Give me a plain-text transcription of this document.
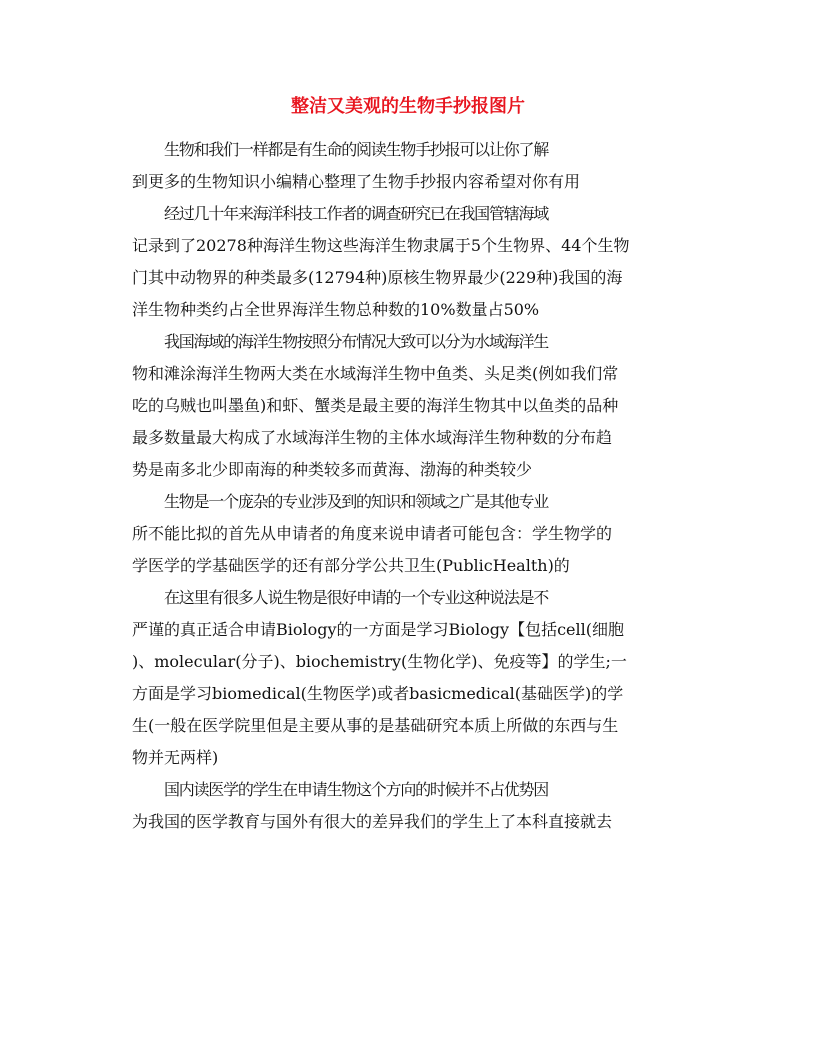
整洁又美观的生物手抄报图片

生物和我们一样都是有生命的阅读生物手抄报可以让你了解
到更多的生物知识小编精心整理了生物手抄报内容希望对你有用

经过几十年来海洋科技工作者的调查研究已在我国管辖海域
记录到了20278种海洋生物这些海洋生物隶属于5个生物界、44个生物
门其中动物界的种类最多(12794种)原核生物界最少(229种)我国的海
洋生物种类约占全世界海洋生物总种数的10%数量占50%

我国海域的海洋生物按照分布情况大致可以分为水域海洋生
物和滩涂海洋生物两大类在水域海洋生物中鱼类、头足类(例如我们常
吃的乌贼也叫墨鱼)和虾、蟹类是最主要的海洋生物其中以鱼类的品种
最多数量最大构成了水域海洋生物的主体水域海洋生物种数的分布趋
势是南多北少即南海的种类较多而黄海、渤海的种类较少

生物是一个庞杂的专业涉及到的知识和领域之广是其他专业
所不能比拟的首先从申请者的角度来说申请者可能包含：学生物学的
学医学的学基础医学的还有部分学公共卫生(PublicHealth)的

在这里有很多人说生物是很好申请的一个专业这种说法是不
严谨的真正适合申请Biology的一方面是学习Biology【包括cell(细胞
)、molecular(分子)、biochemistry(生物化学)、免疫等】的学生;一
方面是学习biomedical(生物医学)或者basicmedical(基础医学)的学
生(一般在医学院里但是主要从事的是基础研究本质上所做的东西与生
物并无两样)

国内读医学的学生在申请生物这个方向的时候并不占优势因
为我国的医学教育与国外有很大的差异我们的学生上了本科直接就去
